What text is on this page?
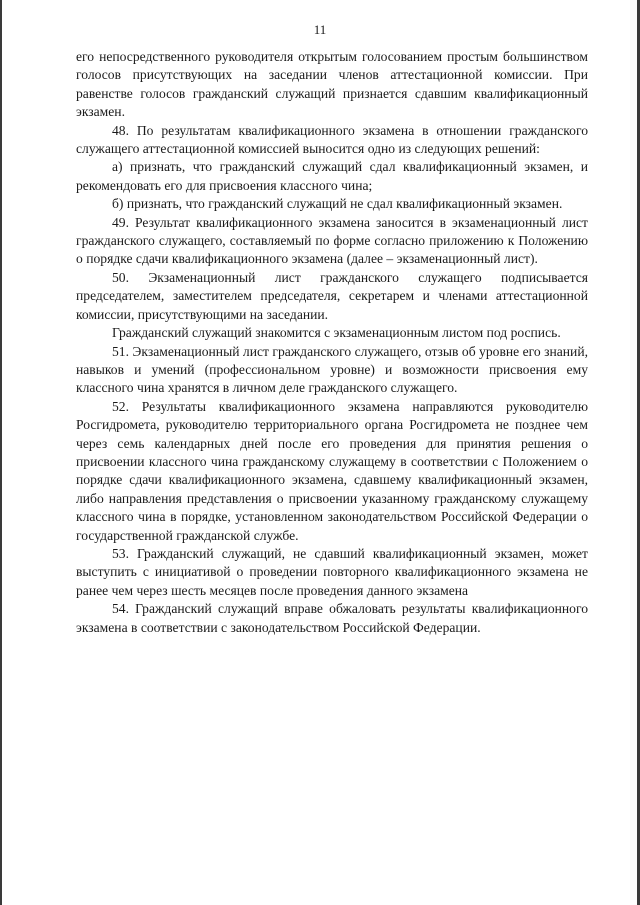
11

его непосредственного руководителя открытым голосованием простым большинством голосов присутствующих на заседании членов аттестационной комиссии. При равенстве голосов гражданский служащий признается сдавшим квалификационный экзамен.

48. По результатам квалификационного экзамена в отношении гражданского служащего аттестационной комиссией выносится одно из следующих решений:

а) признать, что гражданский служащий сдал квалификационный экзамен, и рекомендовать его для присвоения классного чина;

б) признать, что гражданский служащий не сдал квалификационный экзамен.

49. Результат квалификационного экзамена заносится в экзаменационный лист гражданского служащего, составляемый по форме согласно приложению к Положению о порядке сдачи квалификационного экзамена (далее – экзаменационный лист).

50. Экзаменационный лист гражданского служащего подписывается председателем, заместителем председателя, секретарем и членами аттестационной комиссии, присутствующими на заседании.

Гражданский служащий знакомится с экзаменационным листом под роспись.

51. Экзаменационный лист гражданского служащего, отзыв об уровне его знаний, навыков и умений (профессиональном уровне) и возможности присвоения ему классного чина хранятся в личном деле гражданского служащего.

52. Результаты квалификационного экзамена направляются руководителю Росгидромета, руководителю территориального органа Росгидромета не позднее чем через семь календарных дней после его проведения для принятия решения о присвоении классного чина гражданскому служащему в соответствии с Положением о порядке сдачи квалификационного экзамена, сдавшему квалификационный экзамен, либо направления представления о присвоении указанному гражданскому служащему классного чина в порядке, установленном законодательством Российской Федерации о государственной гражданской службе.

53. Гражданский служащий, не сдавший квалификационный экзамен, может выступить с инициативой о проведении повторного квалификационного экзамена не ранее чем через шесть месяцев после проведения данного экзамена

54. Гражданский служащий вправе обжаловать результаты квалификационного экзамена в соответствии с законодательством Российской Федерации.
